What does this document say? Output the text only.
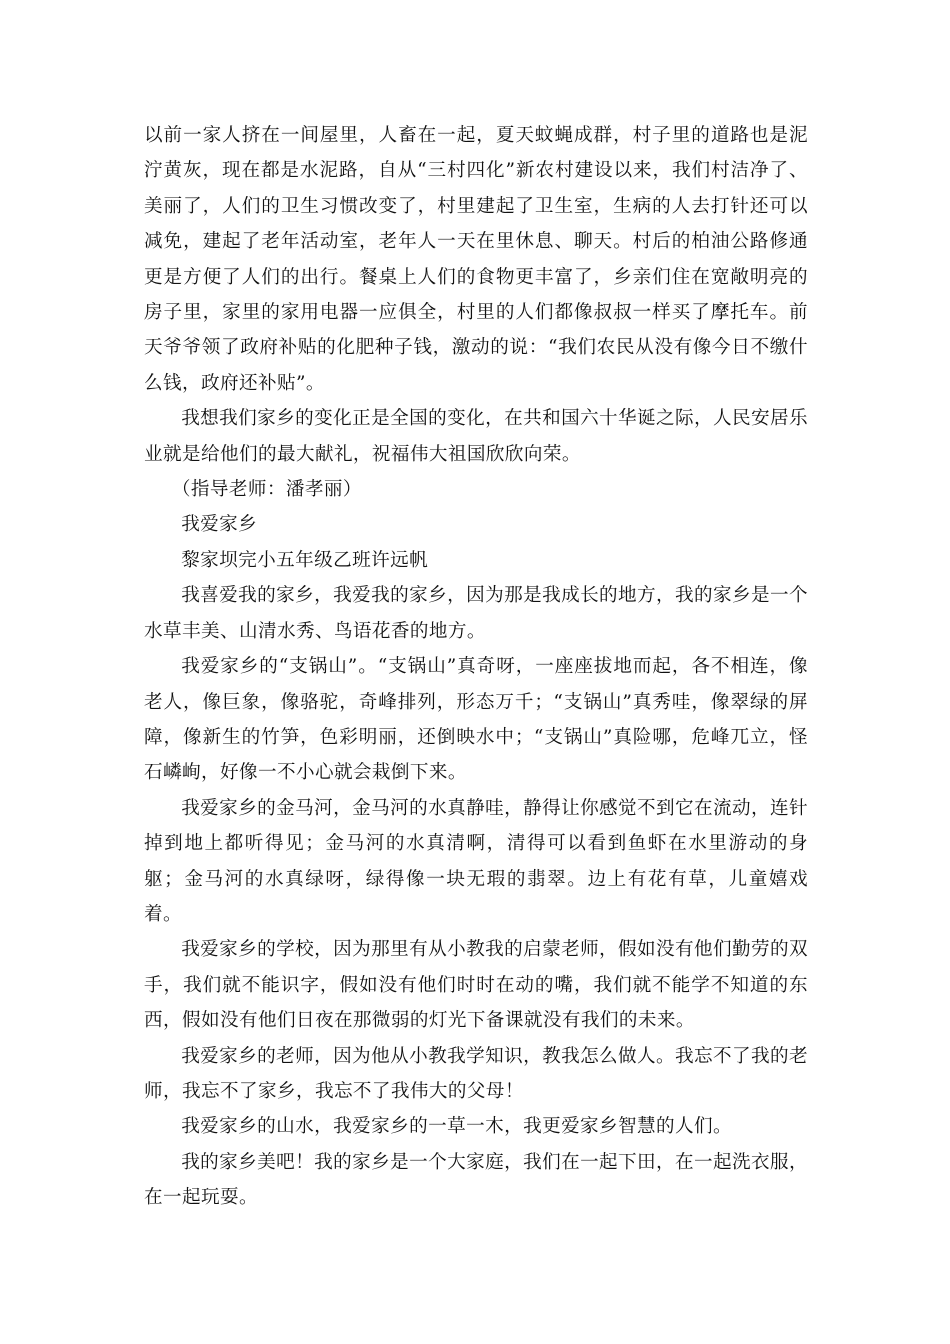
以前一家人挤在一间屋里，人畜在一起，夏天蚊蝇成群，村子里的道路也是泥泞黄灰，现在都是水泥路，自从“三村四化”新农村建设以来，我们村洁净了、美丽了，人们的卫生习惯改变了，村里建起了卫生室，生病的人去打针还可以减免，建起了老年活动室，老年人一天在里休息、聊天。村后的柏油公路修通更是方便了人们的出行。餐桌上人们的食物更丰富了，乡亲们住在宽敞明亮的房子里，家里的家用电器一应俱全，村里的人们都像叔叔一样买了摩托车。前天爷爷领了政府补贴的化肥种子钱，激动的说：“我们农民从没有像今日不缴什么钱，政府还补贴”。

我想我们家乡的变化正是全国的变化，在共和国六十华诞之际，人民安居乐业就是给他们的最大献礼，祝福伟大祖国欣欣向荣。

（指导老师：潘孝丽）

我爱家乡

黎家坝完小五年级乙班许远帆

我喜爱我的家乡，我爱我的家乡，因为那是我成长的地方，我的家乡是一个水草丰美、山清水秀、鸟语花香的地方。

我爱家乡的“支锅山”。“支锅山”真奇呀，一座座拔地而起，各不相连，像老人，像巨象，像骆驼，奇峰排列，形态万千；“支锅山”真秀哇，像翠绿的屏障，像新生的竹笋，色彩明丽，还倒映水中；“支锅山”真险哪，危峰兀立，怪石嶙峋，好像一不小心就会栽倒下来。

我爱家乡的金马河，金马河的水真静哇，静得让你感觉不到它在流动，连针掉到地上都听得见；金马河的水真清啊，清得可以看到鱼虾在水里游动的身躯；金马河的水真绿呀，绿得像一块无瑕的翡翠。边上有花有草，儿童嬉戏着。

我爱家乡的学校，因为那里有从小教我的启蒙老师，假如没有他们勤劳的双手，我们就不能识字，假如没有他们时时在动的嘴，我们就不能学不知道的东西，假如没有他们日夜在那微弱的灯光下备课就没有我们的未来。

我爱家乡的老师，因为他从小教我学知识，教我怎么做人。我忘不了我的老师，我忘不了家乡，我忘不了我伟大的父母！

我爱家乡的山水，我爱家乡的一草一木，我更爱家乡智慧的人们。

我的家乡美吧！我的家乡是一个大家庭，我们在一起下田，在一起洗衣服，在一起玩耍。
